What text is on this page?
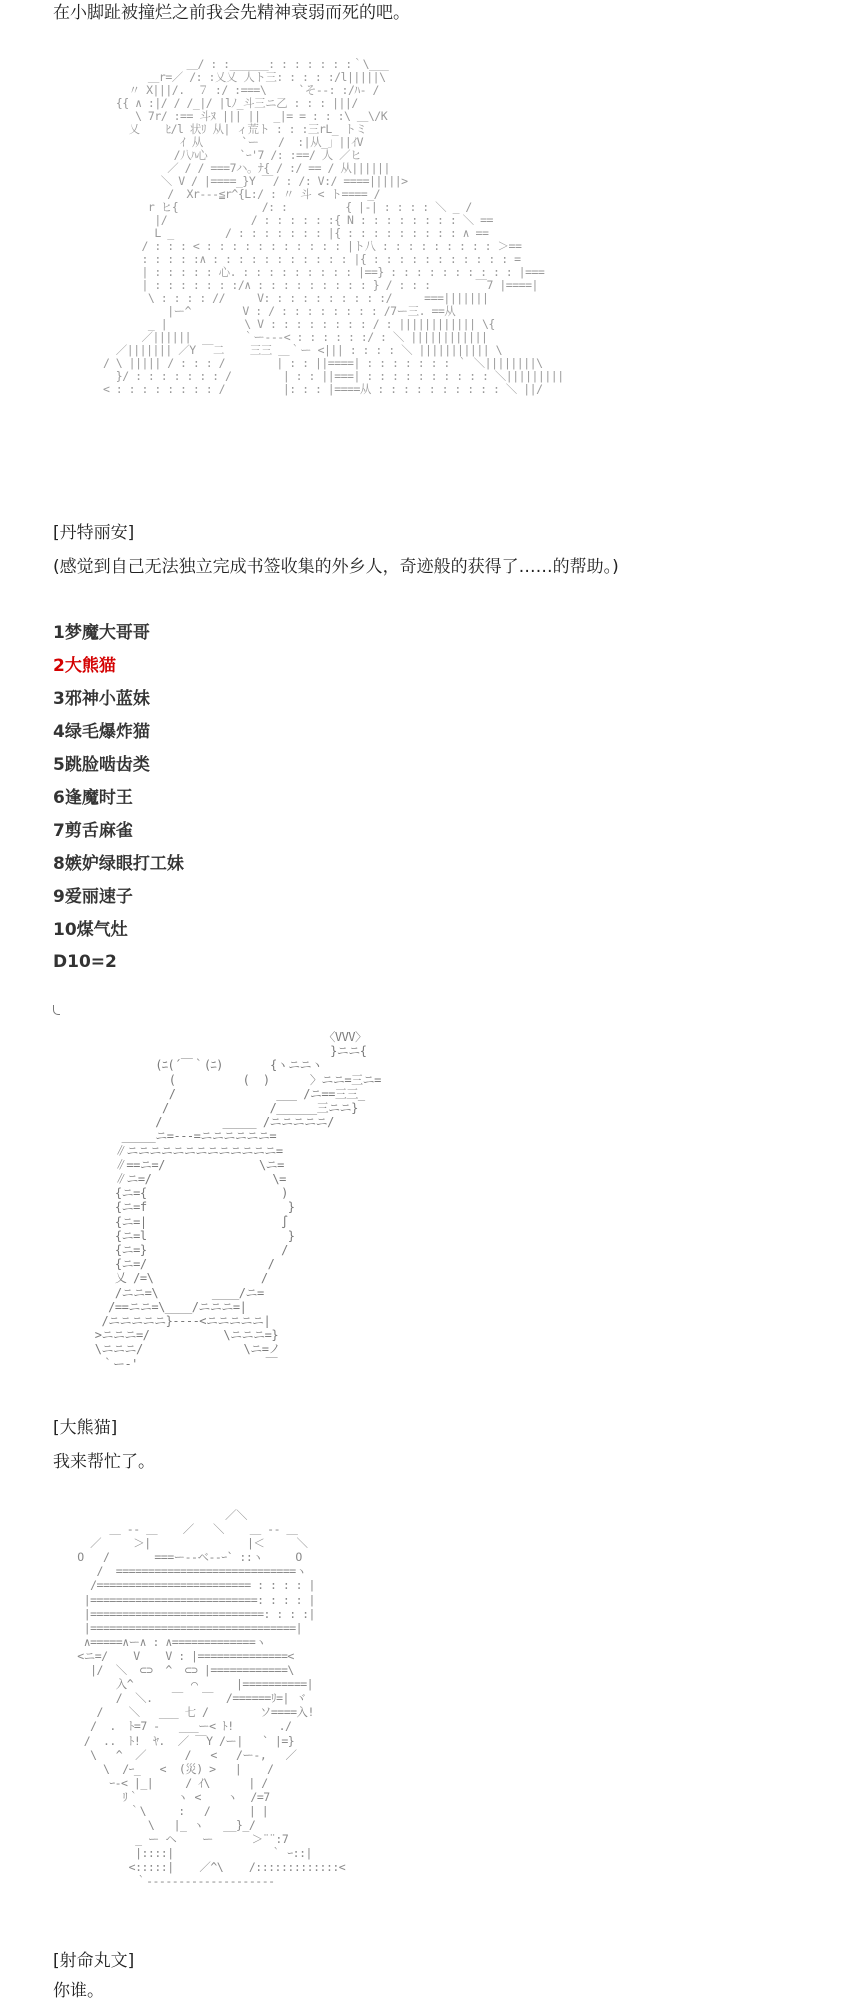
在小脚趾被撞烂之前我会先精神衰弱而死的吧。

＿/ : :______: : : : : : :｀\___
＿r=／ /: :乂乂 人ト三: : : : :/l|||||\
〃 X|||/.  ７ :/ :===\     `そ‐‐: :/ﾊ‐ /
{{ ∧ :|/ / /_|/ |lﾉ_斗三ニ乙 : : : |||/
\ 7r/ :== 斗ﾇ ||| ||  _|= = : : :\ ＿\/K
乂    ﾋ/l 状ﾘ 从| ィ荒ト : : :三rL_ トミ
ｲ 从      `ー   /  :|从_」||ｲV
/八ﾊ心     `ｰ'7 /: :==/ 人 ／ヒ
／ / / ===7ハ。ﾅ{ / :/ == / 从||||||
＼ V / |====_}Y ￣/ : /: V:/ ====|||||>
/  Xr‐‐‐≦r^{L:/ : 〃 斗 < ト====_/
r ヒ{             /: :         { |-| : : : : ＼ _ /
|/             / : : : : : :{ N : : : : : : : : ＼ ==
L _        / : : : : : : : |{ : : : : : : : : : ∧ ==
/ : : : < : : : : : : : : : : : |ト八 : : : : : : : : : ＞==
: : : : :∧ : : : : : : : : : : : |{ : : : : : : : : : : : =
| : : : : : 心. : : : : : : : : : |==} : : : : : : : : : : |===
| : : : : : : :/∧ : : : : : : : : : } / : : :       ￣7 |====|
\ : : : : //     V: : : : : : : : : :/     ===|||||||
|ー^        V : / : : : : : : : : /7ー三. ==从
_ |            \ V : : : : : : : : / : |||||||||||| \{
／||||||        ｀ー‐‐‐< : : : : : :/ : ＼ ||||||||||||
／||||||| ／Y ￣二    三三 ＿｀ー <||| : : : : ＼ ||||||||||| \
/ \ ||||| / : : : /        | : : ||====| : : : : : : : ｀ ＼||||||||\
}/ : : : : : : : /        | : : ||===| : : : : : : : : : : ＼|||||||||
< : : : : : : : : /         |: : : |====从 : : : : : : : : : : ＼ ||/

[丹特丽安]

(感觉到自己无法独立完成书签收集的外乡人，奇迹般的获得了……的帮助。)

1梦魔大哥哥

2大熊猫

3邪神小蓝妹

4绿毛爆炸猫

5跳脸啮齿类

6逢魔时王

7剪舌麻雀

8嫉妒绿眼打工妹

9爱丽速子

10煤气灶

D10=2

〈VVV〉
}ニニ{
(ﾆ(´￣｀(ﾆ)       {ヽニニヽ
(          (  )      〉ニニ=三ニ=
/               ___ /ニ==三三_
/               /______三ニニ}
/         _____ /ニニニニニ/
_____ニ=‐‐‐=ニニニニニニ=
∥ニニニニニニニニニニニニニ=
∥==ニ=/              \ニ=
∥ニ=/                  \=
{ニ={                    )
{ニ=f                     }
{ニ=|                    ∫
{ニ=l                     }
{ニ=}                    /
{ニ=/                  /
乂 /=\                /
/ニニ=\        ____/ニ=
/==ニニ=\____/ニニニ=|
/ニニニニニ}----<ニニニニニ|
>ニニニ=/           \ニニニ=}
\ニニニ/               \ニ=ノ
｀ー‐'                   ￣

[大熊猫]

我来帮忙了。

／＼
＿ -- ＿    ／   ＼    ＿ -- ＿
／     ＞|               |＜     ＼
O   /       ===ー‐‐ベ‐‐ｰ` ::ヽ     O
/  ============================ヽ
/======================== : : : : |
|==========================: : : : |
|===========================: : : :|
|================================|
∧=====∧ー∧ : ∧=============ヽ
<ニ=/    V    V : |==============<
|/  ＼  ⊂⊃  ^  ⊂⊃ |============\
入^         ⌒      |==========|
/  ＼.   ￣   ￣  /======ﾘ=| ヾ
/    ＼   ___ 七 /        ソ====入!
/  .  ﾄ=7 -   ___ー< ﾄ!       ./
/  ..  ﾄ!  ﾔ.  ／ ￣Y /ー|   ` |=}
\   ^  ／      /   <   /ー‐,   ／
\  /ｰ_   <  (災) >   |    /
ｰ‐< |_|     / ｲ\      | /
ﾘ｀      ヽ <    ヽ  /=7
｀\     :   /      | |
\   |_ ヽ   __}_/
_ ー ヘ    ー      ＞¨¨:7
|::::|               ｀ ｰ::|
<:::::|    ／^\    /:::::::::::::<
｀‐‐‐‐‐‐‐‐‐‐‐‐‐‐‐‐‐‐‐‐

[射命丸文]

你谁。
